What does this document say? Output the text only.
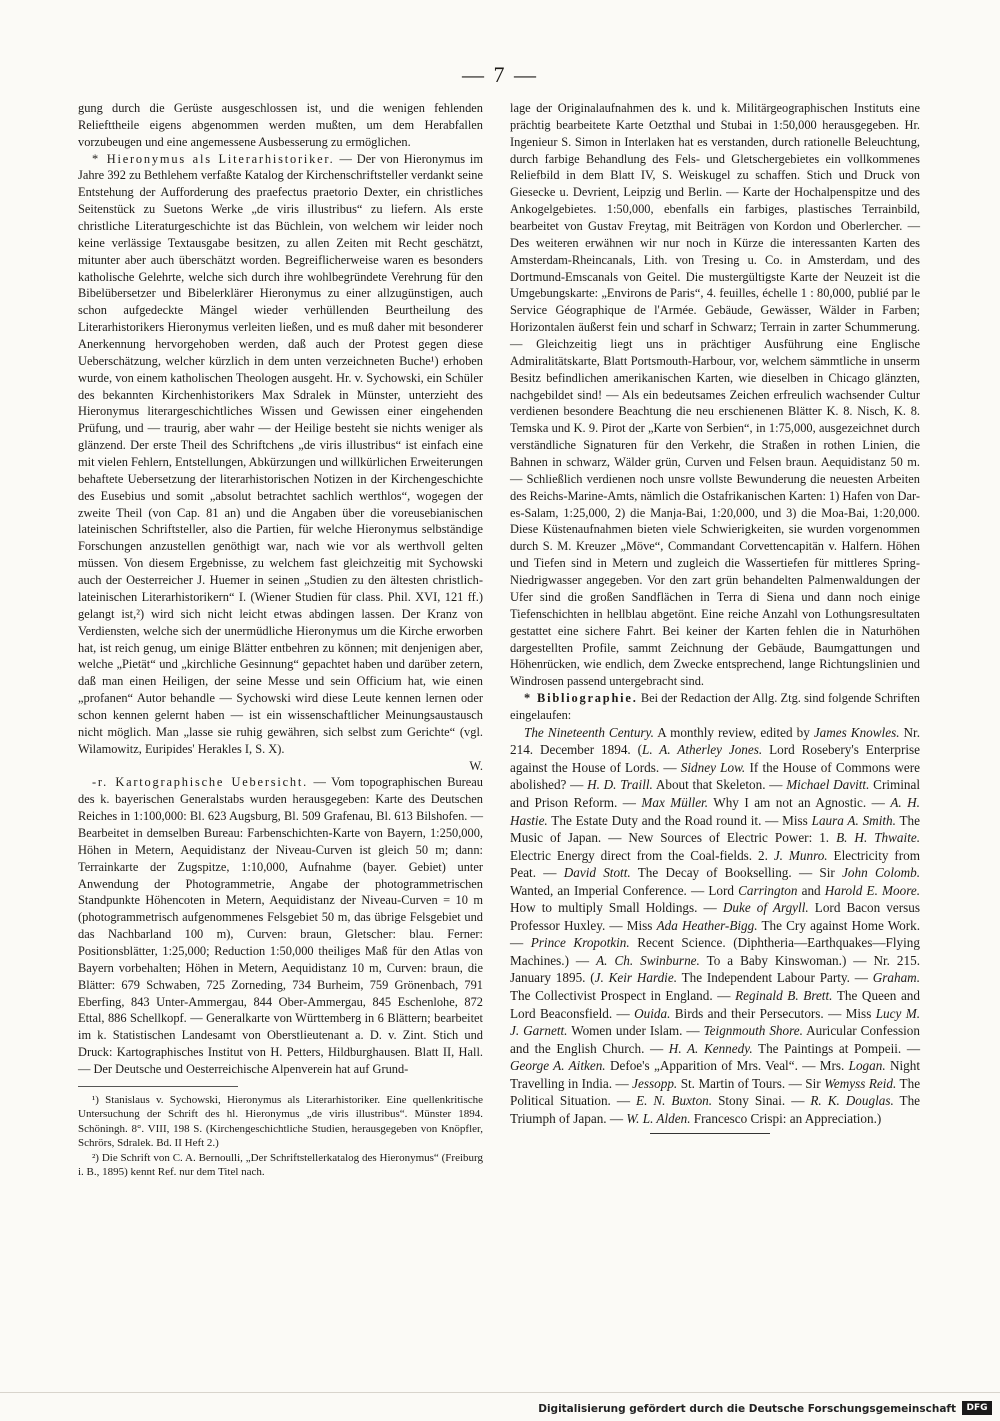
— 7 —

gung durch die Gerüste ausgeschlossen ist, und die wenigen fehlenden Reliefttheile eigens abgenommen werden mußten, um dem Herabfallen vorzubeugen und eine angemessene Ausbesserung zu ermöglichen.

* Hieronymus als Literarhistoriker. — Der von Hieronymus im Jahre 392 zu Bethlehem verfaßte Katalog der Kirchenschriftsteller verdankt seine Entstehung der Aufforderung des praefectus praetorio Dexter, ein christliches Seitenstück zu Suetons Werke „de viris illustribus“ zu liefern. Als erste christliche Literaturgeschichte ist das Büchlein, von welchem wir leider noch keine verlässige Textausgabe besitzen, zu allen Zeiten mit Recht geschätzt, mitunter aber auch überschätzt worden. Begreiflicherweise waren es besonders katholische Gelehrte, welche sich durch ihre wohlbegründete Verehrung für den Bibelübersetzer und Bibelerklärer Hieronymus zu einer allzugünstigen, auch schon aufgedeckte Mängel wieder verhüllenden Beurtheilung des Literarhistorikers Hieronymus verleiten ließen, und es muß daher mit besonderer Anerkennung hervorgehoben werden, daß auch der Protest gegen diese Ueberschätzung, welcher kürzlich in dem unten verzeichneten Buche¹) erhoben wurde, von einem katholischen Theologen ausgeht. Hr. v. Sychowski, ein Schüler des bekannten Kirchenhistorikers Max Sdralek in Münster, unterzieht des Hieronymus literargeschichtliches Wissen und Gewissen einer eingehenden Prüfung, und — traurig, aber wahr — der Heilige besteht sie nichts weniger als glänzend. Der erste Theil des Schriftchens „de viris illustribus“ ist einfach eine mit vielen Fehlern, Entstellungen, Abkürzungen und willkürlichen Erweiterungen behaftete Uebersetzung der literarhistorischen Notizen in der Kirchengeschichte des Eusebius und somit „absolut betrachtet sachlich werthlos“, wogegen der zweite Theil (von Cap. 81 an) und die Angaben über die voreusebianischen lateinischen Schriftsteller, also die Partien, für welche Hieronymus selbständige Forschungen anzustellen genöthigt war, nach wie vor als werthvoll gelten müssen. Von diesem Ergebnisse, zu welchem fast gleichzeitig mit Sychowski auch der Oesterreicher J. Huemer in seinen „Studien zu den ältesten christlich-lateinischen Literarhistorikern“ I. (Wiener Studien für class. Phil. XVI, 121 ff.) gelangt ist,²) wird sich nicht leicht etwas abdingen lassen. Der Kranz von Verdiensten, welche sich der unermüdliche Hieronymus um die Kirche erworben hat, ist reich genug, um einige Blätter entbehren zu können; mit denjenigen aber, welche „Pietät“ und „kirchliche Gesinnung“ gepachtet haben und darüber zetern, daß man einen Heiligen, der seine Messe und sein Officium hat, wie einen „profanen“ Autor behandle — Sychowski wird diese Leute kennen lernen oder schon kennen gelernt haben — ist ein wissenschaftlicher Meinungsaustausch nicht möglich. Man „lasse sie ruhig gewähren, sich selbst zum Gerichte“ (vgl. Wilamowitz, Euripides' Herakles I, S. X).

W.

-r. Kartographische Uebersicht. — Vom topographischen Bureau des k. bayerischen Generalstabs wurden herausgegeben: Karte des Deutschen Reiches in 1:100,000: Bl. 623 Augsburg, Bl. 509 Grafenau, Bl. 613 Bilshofen. — Bearbeitet in demselben Bureau: Farbenschichten-Karte von Bayern, 1:250,000, Höhen in Metern, Aequidistanz der Niveau-Curven ist gleich 50 m; dann: Terrainkarte der Zugspitze, 1:10,000, Aufnahme (bayer. Gebiet) unter Anwendung der Photogrammetrie, Angabe der photogrammetrischen Standpunkte Höhencoten in Metern, Aequidistanz der Niveau-Curven = 10 m (photogrammetrisch aufgenommenes Felsgebiet 50 m, das übrige Felsgebiet und das Nachbarland 100 m), Curven: braun, Gletscher: blau. Ferner: Positionsblätter, 1:25,000; Reduction 1:50,000 theiliges Maß für den Atlas von Bayern vorbehalten; Höhen in Metern, Aequidistanz 10 m, Curven: braun, die Blätter: 679 Schwaben, 725 Zorneding, 734 Burheim, 759 Grönenbach, 791 Eberfing, 843 Unter-Ammergau, 844 Ober-Ammergau, 845 Eschenlohe, 872 Ettal, 886 Schellkopf. — Generalkarte von Württemberg in 6 Blättern; bearbeitet im k. Statistischen Landesamt von Oberstlieutenant a. D. v. Zint. Stich und Druck: Kartographisches Institut von H. Petters, Hildburghausen. Blatt II, Hall. — Der Deutsche und Oesterreichische Alpenverein hat auf Grund-

¹) Stanislaus v. Sychowski, Hieronymus als Literarhistoriker. Eine quellenkritische Untersuchung der Schrift des hl. Hieronymus „de viris illustribus“. Münster 1894. Schöningh. 8°. VIII, 198 S. (Kirchengeschichtliche Studien, herausgegeben von Knöpfler, Schrörs, Sdralek. Bd. II Heft 2.)

²) Die Schrift von C. A. Bernoulli, „Der Schriftstellerkatalog des Hieronymus“ (Freiburg i. B., 1895) kennt Ref. nur dem Titel nach.

lage der Originalaufnahmen des k. und k. Militärgeographischen Instituts eine prächtig bearbeitete Karte Oetzthal und Stubai in 1:50,000 herausgegeben. Hr. Ingenieur S. Simon in Interlaken hat es verstanden, durch rationelle Beleuchtung, durch farbige Behandlung des Fels- und Gletschergebietes ein vollkommenes Reliefbild in dem Blatt IV, S. Weiskugel zu schaffen. Stich und Druck von Giesecke u. Devrient, Leipzig und Berlin. — Karte der Hochalpenspitze und des Ankogelgebietes. 1:50,000, ebenfalls ein farbiges, plastisches Terrainbild, bearbeitet von Gustav Freytag, mit Beiträgen von Kordon und Oberlercher. — Des weiteren erwähnen wir nur noch in Kürze die interessanten Karten des Amsterdam-Rheincanals, Lith. von Tresing u. Co. in Amsterdam, und des Dortmund-Emscanals von Geitel. Die mustergültigste Karte der Neuzeit ist die Umgebungskarte: „Environs de Paris“, 4. feuilles, échelle 1 : 80,000, publié par le Service Géographique de l'Armée. Gebäude, Gewässer, Wälder in Farben; Horizontalen äußerst fein und scharf in Schwarz; Terrain in zarter Schummerung. — Gleichzeitig liegt uns in prächtiger Ausführung eine Englische Admiralitätskarte, Blatt Portsmouth-Harbour, vor, welchem sämmtliche in unserm Besitz befindlichen amerikanischen Karten, wie dieselben in Chicago glänzten, nachgebildet sind! — Als ein bedeutsames Zeichen erfreulich wachsender Cultur verdienen besondere Beachtung die neu erschienenen Blätter K. 8. Nisch, K. 8. Temska und K. 9. Pirot der „Karte von Serbien“, in 1:75,000, ausgezeichnet durch verständliche Signaturen für den Verkehr, die Straßen in rothen Linien, die Bahnen in schwarz, Wälder grün, Curven und Felsen braun. Aequidistanz 50 m. — Schließlich verdienen noch unsre vollste Bewunderung die neuesten Arbeiten des Reichs-Marine-Amts, nämlich die Ostafrikanischen Karten: 1) Hafen von Dar-es-Salam, 1:25,000, 2) die Manja-Bai, 1:20,000, und 3) die Moa-Bai, 1:20,000. Diese Küstenaufnahmen bieten viele Schwierigkeiten, sie wurden vorgenommen durch S. M. Kreuzer „Möve“, Commandant Corvettencapitän v. Halfern. Höhen und Tiefen sind in Metern und zugleich die Wassertiefen für mittleres Spring-Niedrigwasser angegeben. Vor den zart grün behandelten Palmenwaldungen der Ufer sind die großen Sandflächen in Terra di Siena und dann noch einige Tiefenschichten in hellblau abgetönt. Eine reiche Anzahl von Lothungsresultaten gestattet eine sichere Fahrt. Bei keiner der Karten fehlen die in Naturhöhen dargestellten Profile, sammt Zeichnung der Gebäude, Baumgattungen und Höhenrücken, wie endlich, dem Zwecke entsprechend, lange Richtungslinien und Windrosen passend untergebracht sind.

* Bibliographie. Bei der Redaction der Allg. Ztg. sind folgende Schriften eingelaufen:

The Nineteenth Century. A monthly review, edited by James Knowles. Nr. 214. December 1894. (L. A. Atherley Jones. Lord Rosebery's Enterprise against the House of Lords. — Sidney Low. If the House of Commons were abolished? — H. D. Traill. About that Skeleton. — Michael Davitt. Criminal and Prison Reform. — Max Müller. Why I am not an Agnostic. — A. H. Hastie. The Estate Duty and the Road round it. — Miss Laura A. Smith. The Music of Japan. — New Sources of Electric Power: 1. B. H. Thwaite. Electric Energy direct from the Coal-fields. 2. J. Munro. Electricity from Peat. — David Stott. The Decay of Bookselling. — Sir John Colomb. Wanted, an Imperial Conference. — Lord Carrington and Harold E. Moore. How to multiply Small Holdings. — Duke of Argyll. Lord Bacon versus Professor Huxley. — Miss Ada Heather-Bigg. The Cry against Home Work. — Prince Kropotkin. Recent Science. (Diphtheria—Earthquakes—Flying Machines.) — A. Ch. Swinburne. To a Baby Kinswoman.) — Nr. 215. January 1895. (J. Keir Hardie. The Independent Labour Party. — Graham. The Collectivist Prospect in England. — Reginald B. Brett. The Queen and Lord Beaconsfield. — Ouida. Birds and their Persecutors. — Miss Lucy M. J. Garnett. Women under Islam. — Teignmouth Shore. Auricular Confession and the English Church. — H. A. Kennedy. The Paintings at Pompeii. — George A. Aitken. Defoe's „Apparition of Mrs. Veal“. — Mrs. Logan. Night Travelling in India. — Jessopp. St. Martin of Tours. — Sir Wemyss Reid. The Political Situation. — E. N. Buxton. Stony Sinai. — R. K. Douglas. The Triumph of Japan. — W. L. Alden. Francesco Crispi: an Appreciation.)

Digitalisierung gefördert durch die Deutsche Forschungsgemeinschaft	DFG
